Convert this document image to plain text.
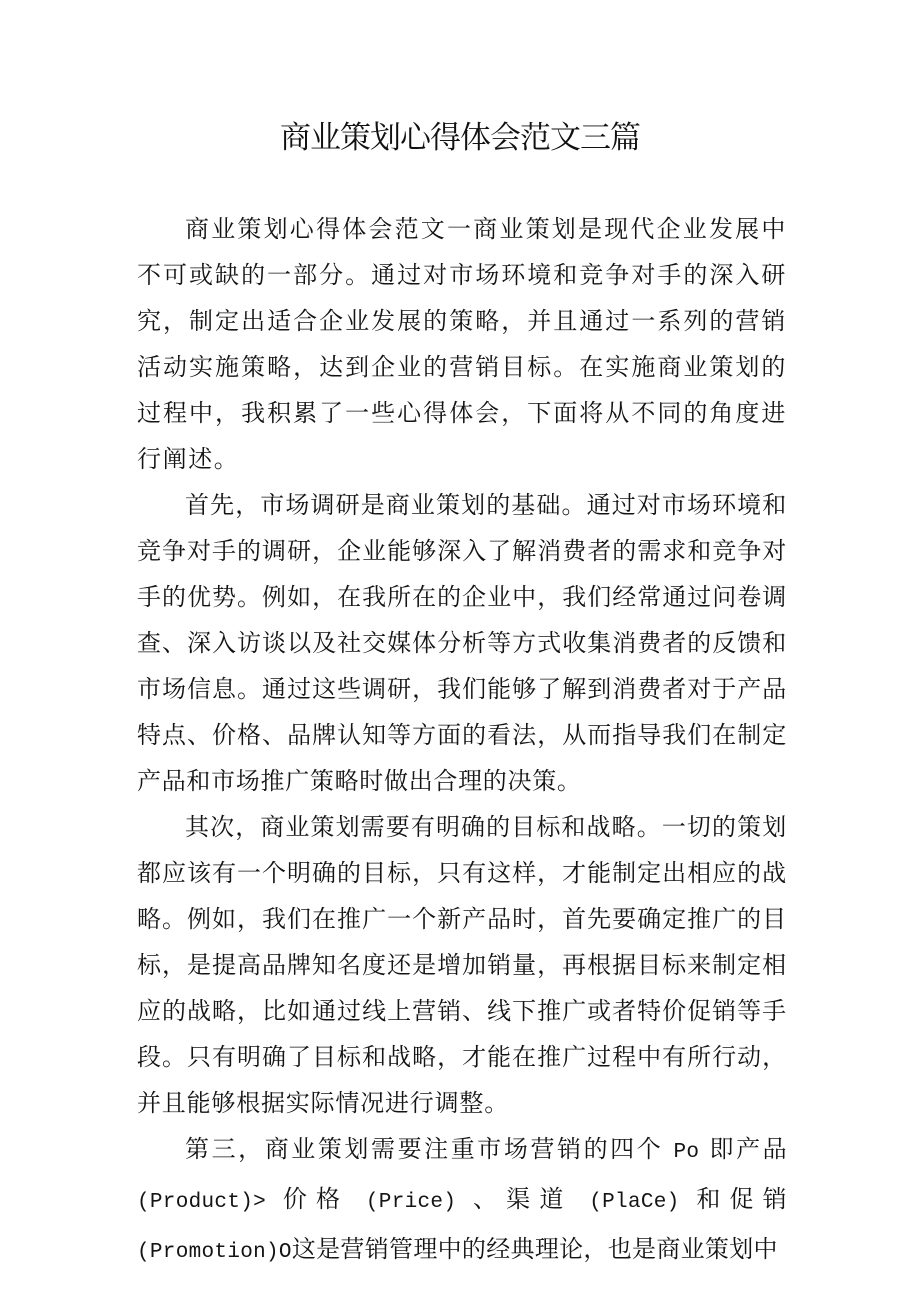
商业策划心得体会范文三篇

商业策划心得体会范文一商业策划是现代企业发展中不可或缺的一部分。通过对市场环境和竞争对手的深入研究，制定出适合企业发展的策略，并且通过一系列的营销活动实施策略，达到企业的营销目标。在实施商业策划的过程中，我积累了一些心得体会，下面将从不同的角度进行阐述。

首先，市场调研是商业策划的基础。通过对市场环境和竞争对手的调研，企业能够深入了解消费者的需求和竞争对手的优势。例如，在我所在的企业中，我们经常通过问卷调查、深入访谈以及社交媒体分析等方式收集消费者的反馈和市场信息。通过这些调研，我们能够了解到消费者对于产品特点、价格、品牌认知等方面的看法，从而指导我们在制定产品和市场推广策略时做出合理的决策。

其次，商业策划需要有明确的目标和战略。一切的策划都应该有一个明确的目标，只有这样，才能制定出相应的战略。例如，我们在推广一个新产品时，首先要确定推广的目标，是提高品牌知名度还是增加销量，再根据目标来制定相应的战略，比如通过线上营销、线下推广或者特价促销等手段。只有明确了目标和战略，才能在推广过程中有所行动，并且能够根据实际情况进行调整。

第三，商业策划需要注重市场营销的四个 Po 即产品 (Product)> 价格 (Price) 、渠道 (PlaCe) 和促销 (Promotion)O这是营销管理中的经典理论，也是商业策划中
